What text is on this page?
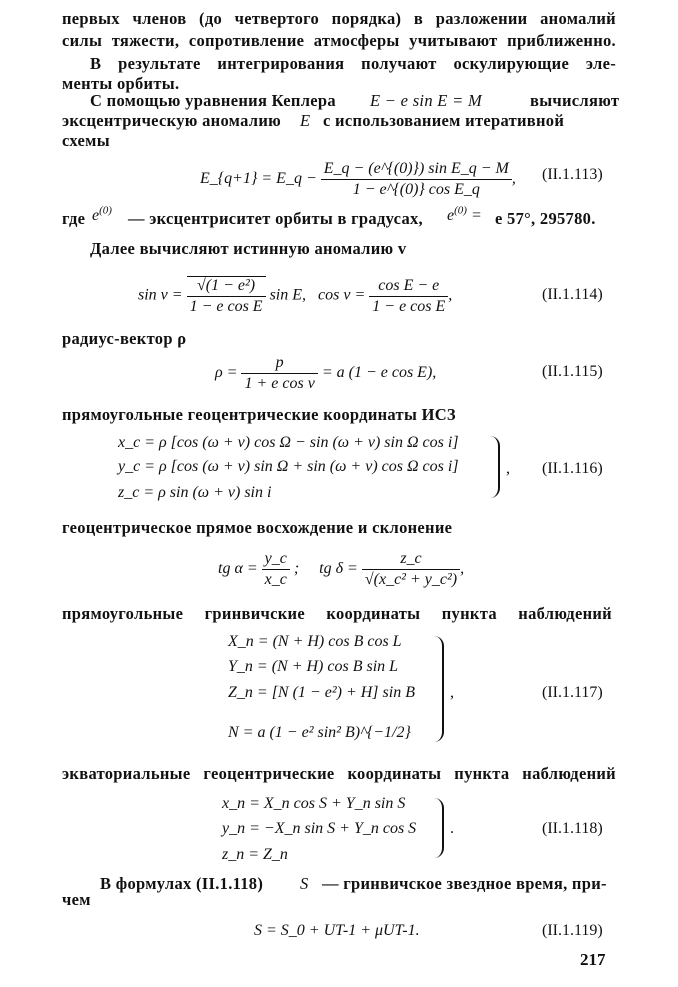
первых членов (до четвертого порядка) в разложении аномалий
силы тяжести, сопротивление атмосферы учитывают приближенно.
В результате интегрирования получают оскулирующие эле-
менты орбиты.
С помощью уравнения Кеплера E − e sin E = M	вычисляют
эксцентрическую аномалию E с использованием итеративной
схемы
E_{q+1} = E_q − $\frac{\text{E\_q − (e\textasciicircum{}\{(0)\}) sin E\_q − M}}{\text{1 − e\textasciicircum{}\{(0)\} cos E\_q}}$ , (II.1.113)
где $e^{(0)}$ — эксцентриситет орбиты в градусах, $e^{(0)} = e$ 57°, 295780.
Далее вычисляют истинную аномалию v
$\sin v = \frac{\text{√(1 − e²)}}{\text{1 − e cos E}}$ sin E, $\cos v = \frac{\text{cos E − e}}{\text{1 − e cos E}}$ ,	(II.1.114)
радиус-вектор ρ
$\rho = \frac{p}{\text{1 + e cos v}} = a$ (1 − e cos E),	(II.1.115)
прямоугольные геоцентрические координаты ИСЗ
x_c = ρ [cos (ω + v) cos Ω − sin (ω + v) sin Ω cos i]
y_c = ρ [cos (ω + v) sin Ω + sin (ω + v) cos Ω cos i]
z_c = ρ sin (ω + v) sin i
, (II.1.116)
геоцентрическое прямое восхождение и склонение
tg $\alpha = \frac{y\_c}{x\_c}$ ;     tg $\delta = \frac{z\_c}{\text{√(x\_c² + y\_c²)}}$ ,
прямоугольные гринвичские координаты пункта наблюдений
X_n = (N + H) cos B cos L
Y_n = (N + H) cos B sin L
Z_n = [N (1 − e²) + H] sin B
N = a (1 − e² sin² B)^{−1/2}
,	(II.1.117)
экваториальные геоцентрические координаты пункта наблюдений
x_n = X_n cos S + Y_n sin S
y_n = −X_n sin S + Y_n cos S
z_n = Z_n
.	(II.1.118)
В формулах (II.1.118) S — гринвичское звездное время, при-
чем
S = S_0 + UT-1 + μUT-1.	(II.1.119)
217
